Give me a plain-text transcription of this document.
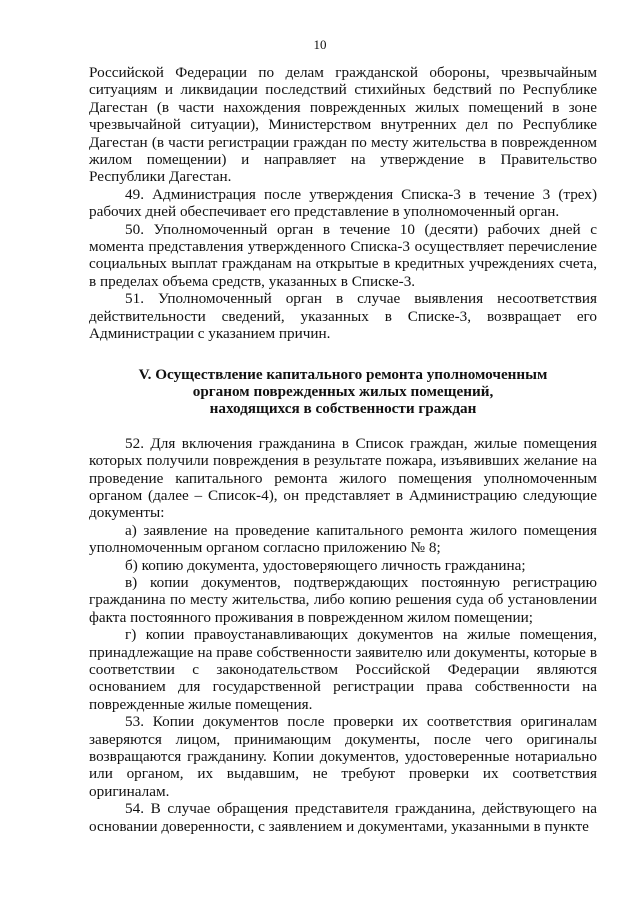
10

Российской Федерации по делам гражданской обороны, чрезвычайным ситуациям и ликвидации последствий стихийных бедствий по Республике Дагестан (в части нахождения поврежденных жилых помещений в зоне чрезвычайной ситуации), Министерством внутренних дел по Республике Дагестан (в части регистрации граждан по месту жительства в поврежденном жилом помещении) и направляет на утверждение в Правительство Республики Дагестан.

49. Администрация после утверждения Списка-3 в течение 3 (трех) рабочих дней обеспечивает его представление в уполномоченный орган.

50. Уполномоченный орган в течение 10 (десяти) рабочих дней с момента представления утвержденного Списка-3 осуществляет перечисление социальных выплат гражданам на открытые в кредитных учреждениях счета, в пределах объема средств, указанных в Списке-3.

51. Уполномоченный орган в случае выявления несоответствия действительности сведений, указанных в Списке-3, возвращает его Администрации с указанием причин.

V. Осуществление капитального ремонта уполномоченным
органом поврежденных жилых помещений,
находящихся в собственности граждан

52. Для включения гражданина в Список граждан, жилые помещения которых получили повреждения в результате пожара, изъявивших желание на проведение капитального ремонта жилого помещения уполномоченным органом (далее – Список-4), он представляет в Администрацию следующие документы:

а) заявление на проведение капитального ремонта жилого помещения уполномоченным органом согласно приложению № 8;

б) копию документа, удостоверяющего личность гражданина;

в) копии документов, подтверждающих постоянную регистрацию гражданина по месту жительства, либо копию решения суда об установлении факта постоянного проживания в поврежденном жилом помещении;

г) копии правоустанавливающих документов на жилые помещения, принадлежащие на праве собственности заявителю или документы, которые в соответствии с законодательством Российской Федерации являются основанием для государственной регистрации права собственности на поврежденные жилые помещения.

53. Копии документов после проверки их соответствия оригиналам заверяются лицом, принимающим документы, после чего оригиналы возвращаются гражданину. Копии документов, удостоверенные нотариально или органом, их выдавшим, не требуют проверки их соответствия оригиналам.

54. В случае обращения представителя гражданина, действующего на основании доверенности, с заявлением и документами, указанными в пункте
